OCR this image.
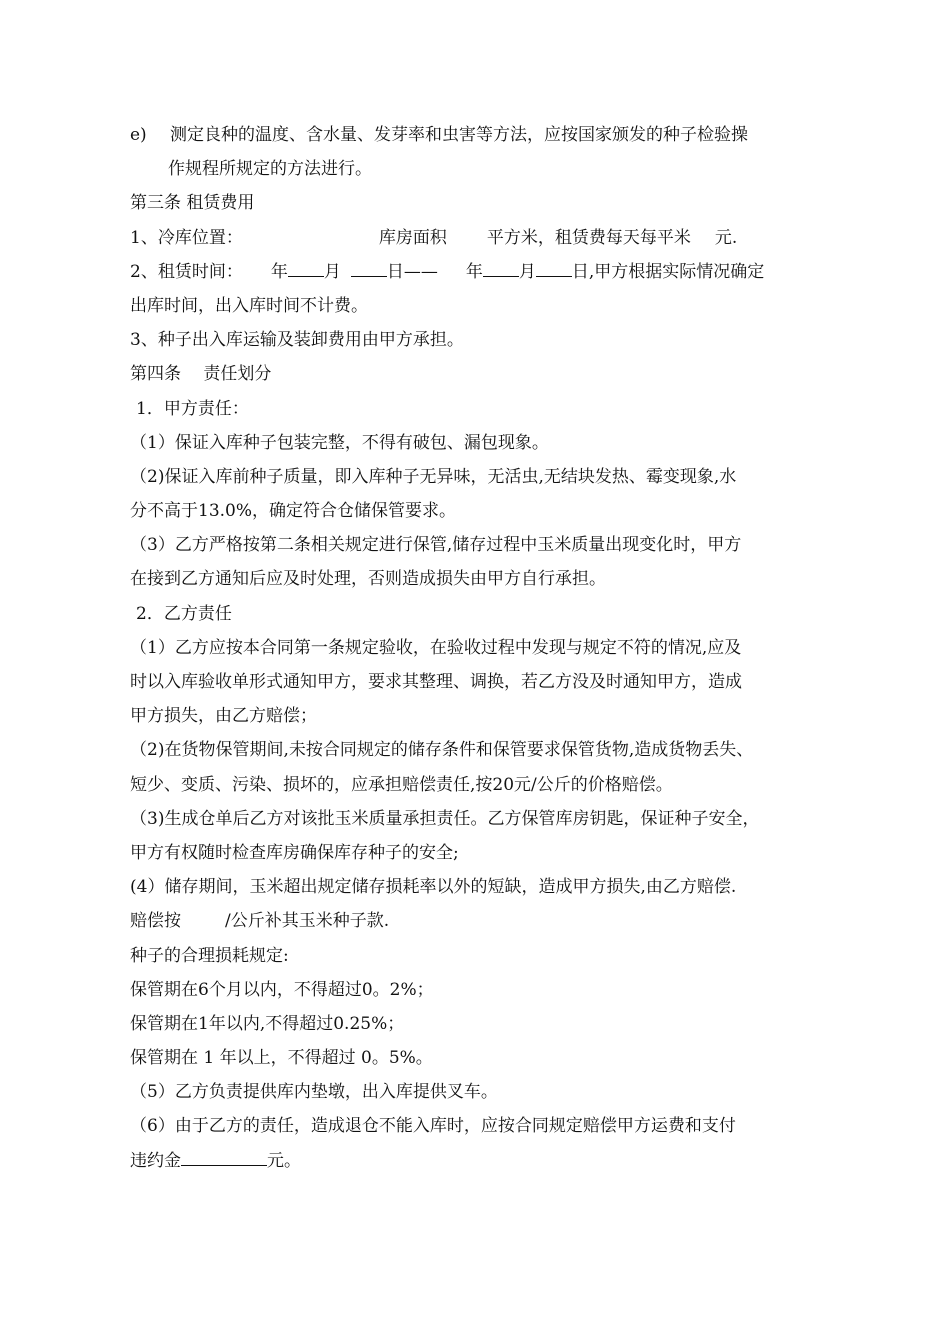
e) 测定良种的温度、含水量、发芽率和虫害等方法，应按国家颁发的种子检验操
作规程所规定的方法进行。
第三条 租赁费用
1、冷库位置：	库房面积 平方米，租赁费每天每平米 元.
2、租赁时间： 年 月	日—— 年 月 日,甲方根据实际情况确定
出库时间，出入库时间不计费。
3、种子出入库运输及装卸费用由甲方承担。
第四条　 责任划分
1．甲方责任：
（1）保证入库种子包装完整，不得有破包、漏包现象。
（2)保证入库前种子质量，即入库种子无异味，无活虫,无结块发热、霉变现象,水
分不高于13.0%，确定符合仓储保管要求。
（3）乙方严格按第二条相关规定进行保管,储存过程中玉米质量出现变化时，甲方
在接到乙方通知后应及时处理，否则造成损失由甲方自行承担。
2．乙方责任
（1）乙方应按本合同第一条规定验收，在验收过程中发现与规定不符的情况,应及
时以入库验收单形式通知甲方，要求其整理、调换，若乙方没及时通知甲方，造成
甲方损失，由乙方赔偿；
（2)在货物保管期间,未按合同规定的储存条件和保管要求保管货物,造成货物丢失、
短少、变质、污染、损坏的，应承担赔偿责任,按20元/公斤的价格赔偿。
（3)生成仓单后乙方对该批玉米质量承担责任。乙方保管库房钥匙，保证种子安全，
甲方有权随时检查库房确保库存种子的安全;
(4）储存期间，玉米超出规定储存损耗率以外的短缺，造成甲方损失,由乙方赔偿.
赔偿按	/公斤补其玉米种子款.
种子的合理损耗规定:
保管期在6个月以内，不得超过0。2%；
保管期在1年以内,不得超过0.25%；
保管期在 1 年以上，不得超过 0。5%。
（5）乙方负责提供库内垫墩，出入库提供叉车。
（6）由于乙方的责任，造成退仓不能入库时，应按合同规定赔偿甲方运费和支付
违约金	元。
